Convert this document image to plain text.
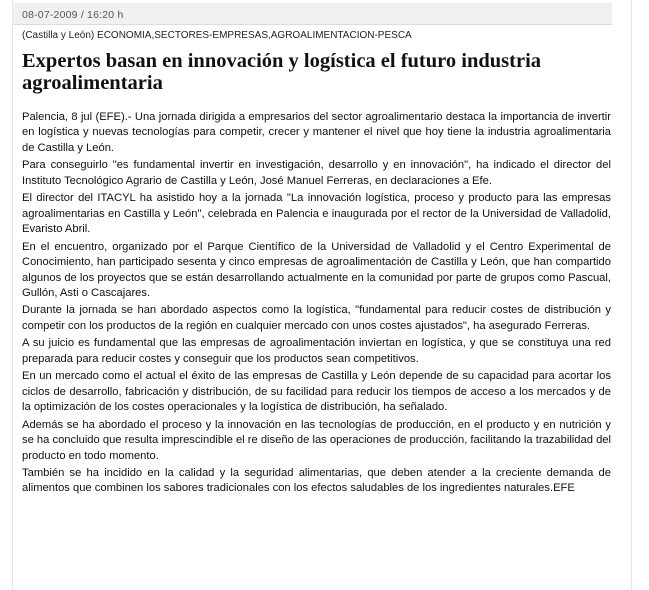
08-07-2009 / 16:20 h
(Castilla y León) ECONOMIA,SECTORES-EMPRESAS,AGROALIMENTACION-PESCA
Expertos basan en innovación y logística el futuro industria agroalimentaria

Palencia, 8 jul (EFE).- Una jornada dirigida a empresarios del sector agroalimentario destaca la importancia de invertir en logística y nuevas tecnologías para competir, crecer y mantener el nivel que hoy tiene la industria agroalimentaria de Castilla y León.

Para conseguirlo "es fundamental invertir en investigación, desarrollo y en innovación", ha indicado el director del Instituto Tecnológico Agrario de Castilla y León, José Manuel Ferreras, en declaraciones a Efe.

El director del ITACYL ha asistido hoy a la jornada "La innovación logística, proceso y producto para las empresas agroalimentarias en Castilla y León", celebrada en Palencia e inaugurada por el rector de la Universidad de Valladolid, Evaristo Abril.

En el encuentro, organizado por el Parque Científico de la Universidad de Valladolid y el Centro Experimental de Conocimiento, han participado sesenta y cinco empresas de agroalimentación de Castilla y León, que han compartido algunos de los proyectos que se están desarrollando actualmente en la comunidad por parte de grupos como Pascual, Gullón, Asti o Cascajares.

Durante la jornada se han abordado aspectos como la logística, "fundamental para reducir costes de distribución y competir con los productos de la región en cualquier mercado con unos costes ajustados", ha asegurado Ferreras.

A su juicio es fundamental que las empresas de agroalimentación inviertan en logística, y que se constituya una red preparada para reducir costes y conseguir que los productos sean competitivos.

En un mercado como el actual el éxito de las empresas de Castilla y León depende de su capacidad para acortar los ciclos de desarrollo, fabricación y distribución, de su facilidad para reducir los tiempos de acceso a los mercados y de la optimización de los costes operacionales y la logística de distribución, ha señalado.

Además se ha abordado el proceso y la innovación en las tecnologías de producción, en el producto y en nutrición y se ha concluido que resulta imprescindible el re diseño de las operaciones de producción, facilitando la trazabilidad del producto en todo momento.

También se ha incidido en la calidad y la seguridad alimentarias, que deben atender a la creciente demanda de alimentos que combinen los sabores tradicionales con los efectos saludables de los ingredientes naturales.EFE
